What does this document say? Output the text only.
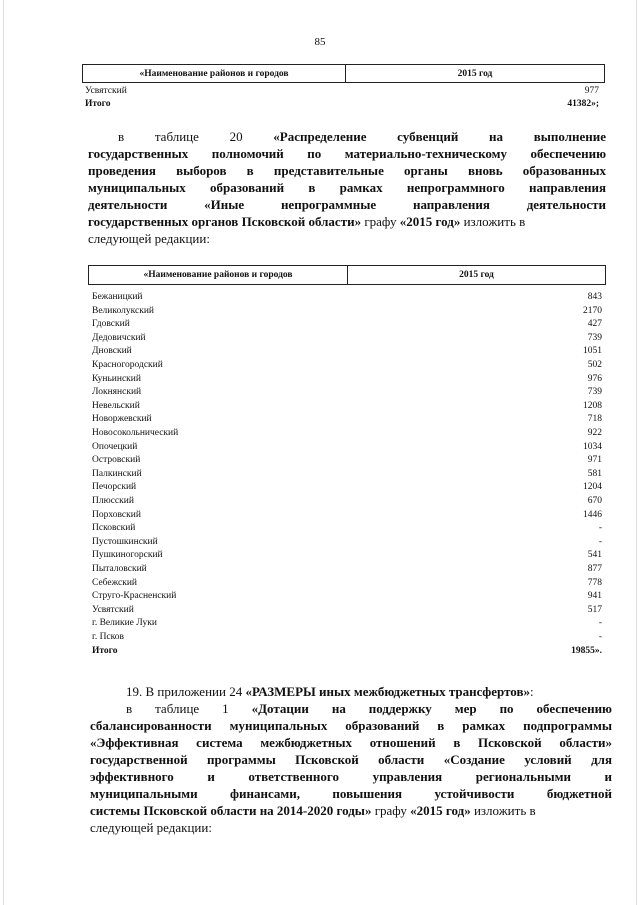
85
«Наименование районов и городов	2015 год
Усвятский	977
Итого	41382»;
в таблице 20 «Распределение субвенций на выполнение
государственных полномочий по материально-техническому обеспечению
проведения выборов в представительные органы вновь образованных
муниципальных образований в рамках непрограммного направления
деятельности	«Иные	непрограммные	направления	деятельности
государственных органов Псковской области» графу «2015 год» изложить в
следующей редакции:
«Наименование районов и городов	2015 год
Бежаницкий	843
Великолукский	2170
Гдовский	427
Дедовичский	739
Дновский	1051
Красногородский	502
Куньинский	976
Локнянский	739
Невельский	1208
Новоржевский	718
Новосокольнический	922
Опочецкий	1034
Островский	971
Палкинский	581
Печорский	1204
Плюсский	670
Порховский	1446
Псковский	-
Пустошкинский	-
Пушкиногорский	541
Пыталовский	877
Себежский	778
Струго-Красненский	941
Усвятский	517
г. Великие Луки	-
г. Псков	-
Итого	19855».
19. В приложении 24 «РАЗМЕРЫ иных межбюджетных трансфертов»:
в таблице 1 «Дотации на поддержку мер по обеспечению
сбалансированности муниципальных образований в рамках подпрограммы
«Эффективная система межбюджетных отношений в Псковской области»
государственной программы Псковской области «Создание условий для
эффективного	и	ответственного	управления	региональными	и
муниципальными финансами, повышения устойчивости бюджетной
системы Псковской области на 2014-2020 годы» графу «2015 год» изложить в
следующей редакции:
